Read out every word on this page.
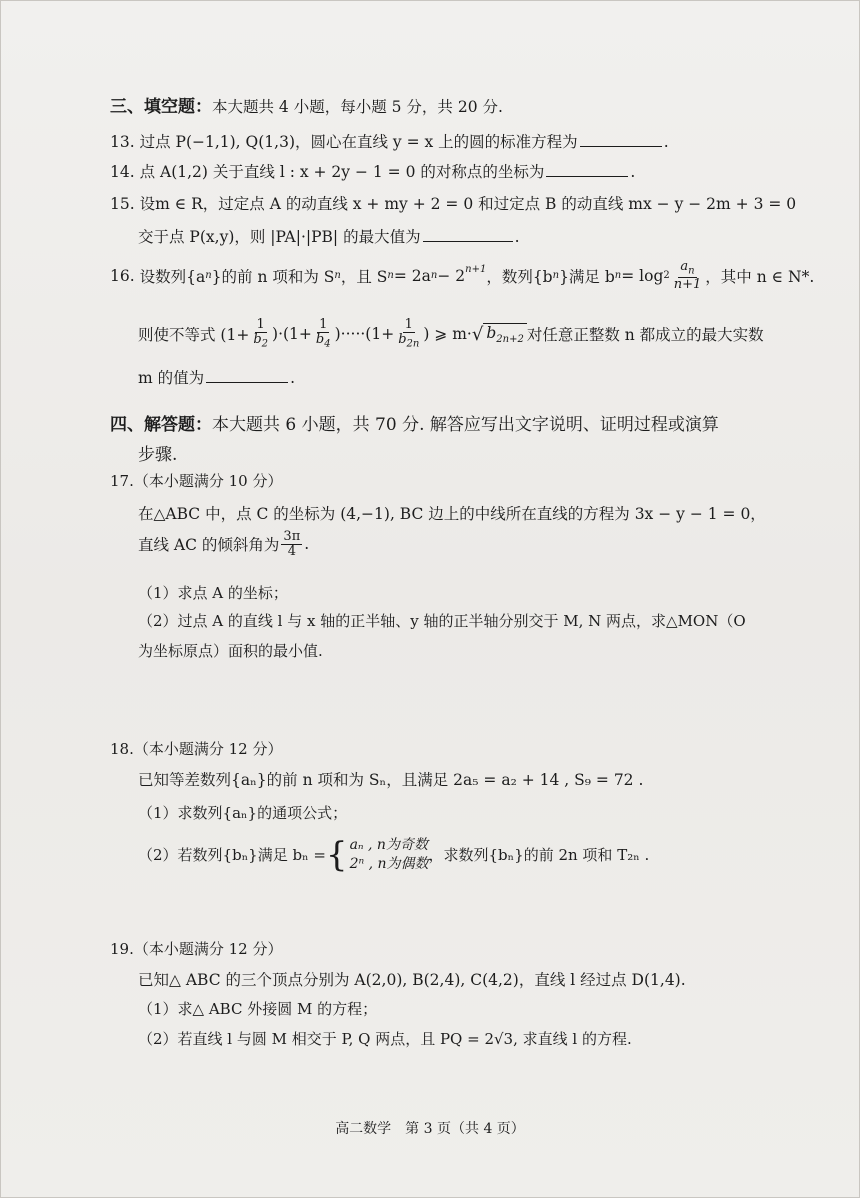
三、填空题：本大题共 4 小题，每小题 5 分，共 20 分.
13. 过点 P(−1,1), Q(1,3)，圆心在直线 y = x 上的圆的标准方程为	.
14. 点 A(1,2) 关于直线 l : x + 2y − 1 = 0 的对称点的坐标为	.
15. 设m ∈ R，过定点 A 的动直线 x + my + 2 = 0 和过定点 B 的动直线 mx − y − 2m + 3 = 0
交于点 P(x,y)，则 |PA|·|PB| 的最大值为	.
16.
设数列{a n }的前 n 项和为 S n ，且 S n = 2a $n - 2^{n+1}$ ，数列{b n }满足 b $n = \log 2 \frac{a_n}{n+1}$ ，其中 n ∈ N*.
则使不等式 $(1+ \frac{1}{b_2} )\cdot(1+ \frac{1}{b_4} )\cdot\cdot\cdot\cdot\cdot(1+ \frac{1}{b_{2n}}$ ) ⩾ m· √ $b_{2n+2}$ 对任意正整数 n 都成立的最大实数
m 的值为	.
四、解答题：本大题共 6 小题，共 70 分. 解答应写出文字说明、证明过程或演算
步骤.
17.（本小题满分 10 分）
在△ABC 中，点 C 的坐标为 (4,−1), BC 边上的中线所在直线的方程为 3x − y − 1 = 0，
直线 AC 的倾斜角为 $\frac{3\pi}{4}$ .
（1）求点 A 的坐标；
（2）过点 A 的直线 l 与 x 轴的正半轴、y 轴的正半轴分别交于 M, N 两点，求△MON（O
为坐标原点）面积的最小值.
18.（本小题满分 12 分）
已知等差数列{aₙ}的前 n 项和为 Sₙ，且满足 2a₅ = a₂ + 14 , S₉ = 72 .
（1）求数列{aₙ}的通项公式；
（2）若数列{bₙ}满足 bₙ = { aₙ , n为奇数
2ⁿ , n为偶数 ，求数列{bₙ}的前 2n 项和 T₂ₙ .
19.（本小题满分 12 分）
已知△ ABC 的三个顶点分别为 A(2,0), B(2,4), C(4,2)，直线 l 经过点 D(1,4).
（1）求△ ABC 外接圆 M 的方程；
（2）若直线 l 与圆 M 相交于 P, Q 两点，且 PQ = 2√3, 求直线 l 的方程.
高二数学　第 3 页（共 4 页）
